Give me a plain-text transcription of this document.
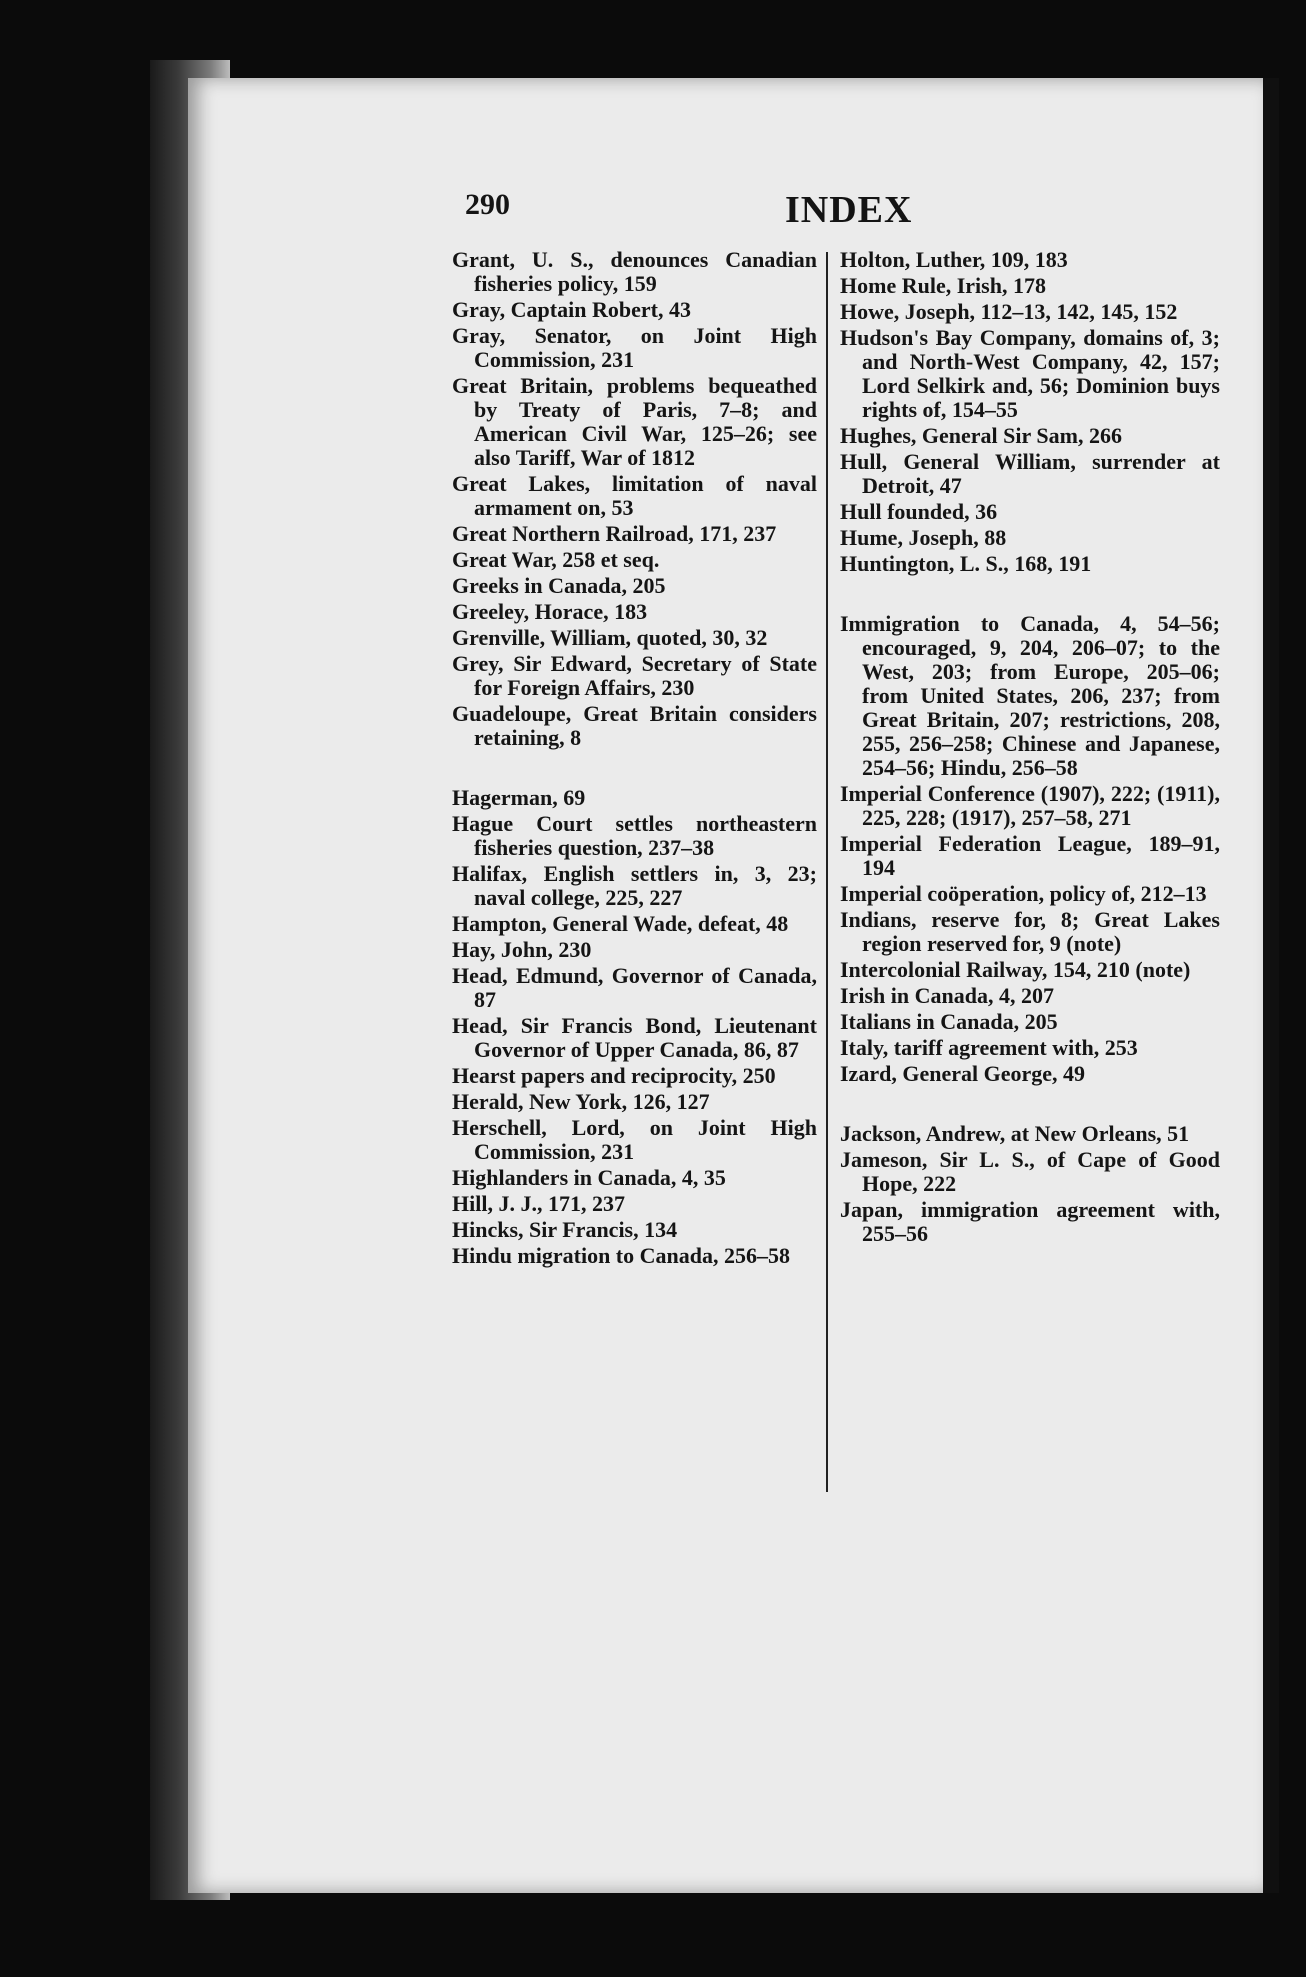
290	INDEX
Grant, U. S., denounces Canadian fisheries policy, 159
Gray, Captain Robert, 43
Gray, Senator, on Joint High Commission, 231
Great Britain, problems bequeathed by Treaty of Paris, 7–8; and American Civil War, 125–26; see also Tariff, War of 1812
Great Lakes, limitation of naval armament on, 53
Great Northern Railroad, 171, 237
Great War, 258 et seq.
Greeks in Canada, 205
Greeley, Horace, 183
Grenville, William, quoted, 30, 32
Grey, Sir Edward, Secretary of State for Foreign Affairs, 230
Guadeloupe, Great Britain considers retaining, 8
Hagerman, 69
Hague Court settles northeastern fisheries question, 237–38
Halifax, English settlers in, 3, 23; naval college, 225, 227
Hampton, General Wade, defeat, 48
Hay, John, 230
Head, Edmund, Governor of Canada, 87
Head, Sir Francis Bond, Lieutenant Governor of Upper Canada, 86, 87
Hearst papers and reciprocity, 250
Herald, New York, 126, 127
Herschell, Lord, on Joint High Commission, 231
Highlanders in Canada, 4, 35
Hill, J. J., 171, 237
Hincks, Sir Francis, 134
Hindu migration to Canada, 256–58
Holton, Luther, 109, 183
Home Rule, Irish, 178
Howe, Joseph, 112–13, 142, 145, 152
Hudson's Bay Company, domains of, 3; and North-West Company, 42, 157; Lord Selkirk and, 56; Dominion buys rights of, 154–55
Hughes, General Sir Sam, 266
Hull, General William, surrender at Detroit, 47
Hull founded, 36
Hume, Joseph, 88
Huntington, L. S., 168, 191
Immigration to Canada, 4, 54–56; encouraged, 9, 204, 206–07; to the West, 203; from Europe, 205–06; from United States, 206, 237; from Great Britain, 207; restrictions, 208, 255, 256–258; Chinese and Japanese, 254–56; Hindu, 256–58
Imperial Conference (1907), 222; (1911), 225, 228; (1917), 257–58, 271
Imperial Federation League, 189–91, 194
Imperial coöperation, policy of, 212–13
Indians, reserve for, 8; Great Lakes region reserved for, 9 (note)
Intercolonial Railway, 154, 210 (note)
Irish in Canada, 4, 207
Italians in Canada, 205
Italy, tariff agreement with, 253
Izard, General George, 49
Jackson, Andrew, at New Orleans, 51
Jameson, Sir L. S., of Cape of Good Hope, 222
Japan, immigration agreement with, 255–56
